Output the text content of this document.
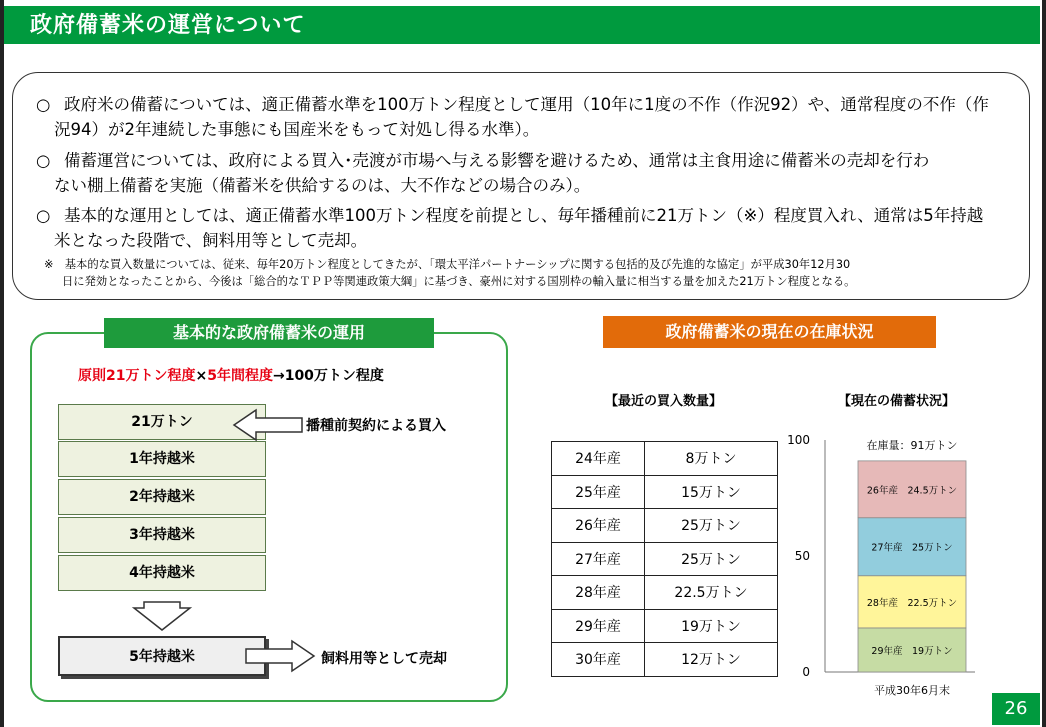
政府備蓄米の運営について
○ 政府米の備蓄については、適正備蓄水準を100万トン程度として運用（10年に1度の不作（作況92）や、通常程度の不作（作
況94）が2年連続した事態にも国産米をもって対処し得る水準）。
○ 備蓄運営については、政府による買入･売渡が市場へ与える影響を避けるため、通常は主食用途に備蓄米の売却を行わ
ない棚上備蓄を実施（備蓄米を供給するのは、大不作などの場合のみ）。
○ 基本的な運用としては、適正備蓄水準100万トン程度を前提とし、毎年播種前に21万トン（※）程度買入れ、通常は5年持越
米となった段階で、飼料用等として売却。
※　基本的な買入数量については、従来、毎年20万トン程度としてきたが、「環太平洋パートナーシップに関する包括的及び先進的な協定」が平成30年12月30
日に発効となったことから、今後は「総合的なＴＰＰ等関連政策大綱」に基づき、豪州に対する国別枠の輸入量に相当する量を加えた21万トン程度となる。
基本的な政府備蓄米の運用
原則21万トン程度×5年間程度→100万トン程度
21万トン
1年持越米
2年持越米
3年持越米
4年持越米
5年持越米
播種前契約による買入
飼料用等として売却
政府備蓄米の現在の在庫状況
【最近の買入数量】	【現在の備蓄状況】
24年産	8万トン
25年産	15万トン
26年産	25万トン
27年産	25万トン
28年産	22.5万トン
29年産	19万トン
30年産	12万トン
0
50
100
29年産　19万トン
28年産　22.5万トン
27年産　25万トン
26年産　24.5万トン
在庫量：91万トン
平成30年6月末
26
